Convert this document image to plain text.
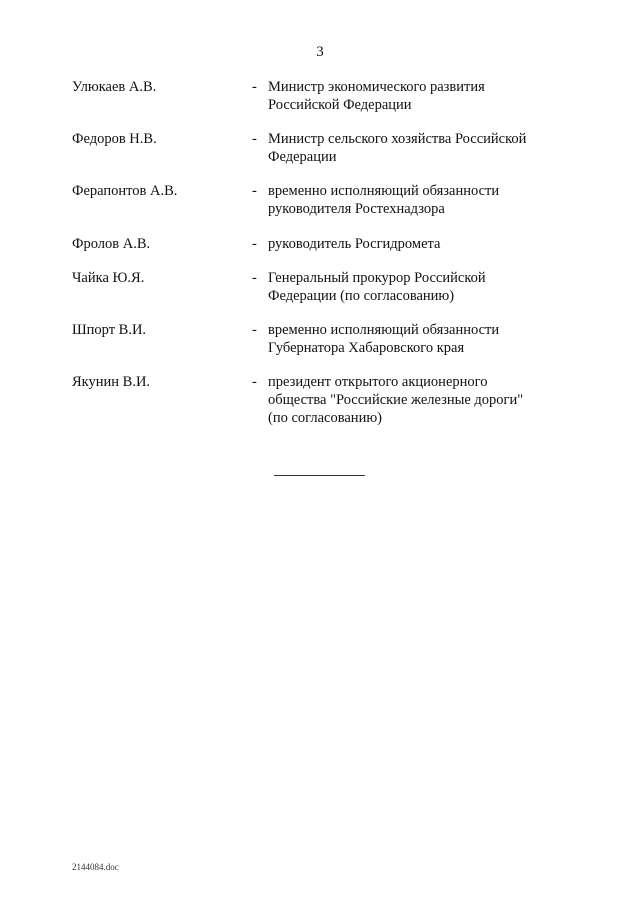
3
Улюкаев А.В.	- Министр экономического развития
Российской Федерации
Федоров Н.В.	- Министр сельского хозяйства Российской
Федерации
Ферапонтов А.В.	- временно исполняющий обязанности
руководителя Ростехнадзора
Фролов А.В.	- руководитель Росгидромета
Чайка Ю.Я.	- Генеральный прокурор Российской
Федерации (по согласованию)
Шпорт В.И.	- временно исполняющий обязанности
Губернатора Хабаровского края
Якунин В.И.	- президент открытого акционерного
общества "Российские железные дороги"
(по согласованию)
2144084.doc
